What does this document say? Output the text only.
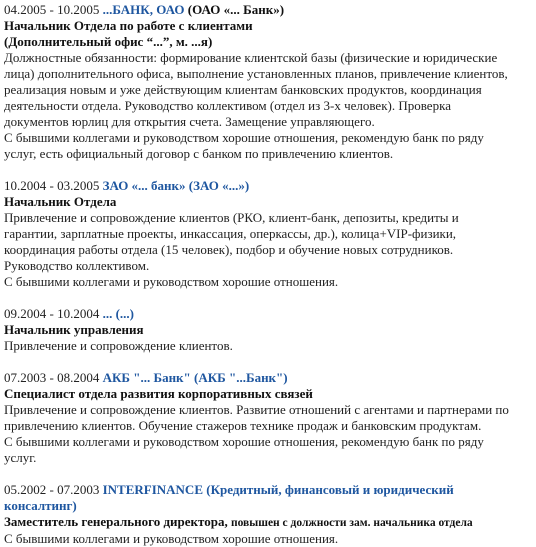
04.2005 - 10.2005 ...БАНК, ОАО (ОАО «... Банк»)
Начальник Отдела по работе с клиентами
(Дополнительный офис “...”, м. ...я)
Должностные обязанности: формирование клиентской базы (физические и юридические
лица) дополнительного офиса, выполнение установленных планов, привлечение клиентов,
реализация новым и уже действующим клиентам банковских продуктов, координация
деятельности отдела. Руководство коллективом (отдел из 3-х человек). Проверка
документов юрлиц для открытия счета. Замещение управляющего.
С бывшими коллегами и руководством хорошие отношения, рекомендую банк по ряду
услуг, есть официальный договор с банком по привлечению клиентов.
10.2004 - 03.2005 ЗАО «... банк» (ЗАО «...»)
Начальник Отдела
Привлечение и сопровождение клиентов (РКО, клиент-банк, депозиты, кредиты и
гарантии, зарплатные проекты, инкассация, оперкассы, др.), колица+VIP-физики,
координация работы отдела (15 человек), подбор и обучение новых сотрудников.
Руководство коллективом.
С бывшими коллегами и руководством хорошие отношения.
09.2004 - 10.2004 ... (...)
Начальник управления
Привлечение и сопровождение клиентов.
07.2003 - 08.2004 АКБ "... Банк" (АКБ "...Банк")
Специалист отдела развития корпоративных связей
Привлечение и сопровождение клиентов. Развитие отношений с агентами и партнерами по
привлечению клиентов. Обучение стажеров технике продаж и банковским продуктам.
С бывшими коллегами и руководством хорошие отношения, рекомендую банк по ряду
услуг.
05.2002 - 07.2003 INTERFINANCE (Кредитный, финансовый и юридический
консалтинг)
Заместитель генерального директора, повышен с должности зам. начальника отдела
С бывшими коллегами и руководством хорошие отношения.
